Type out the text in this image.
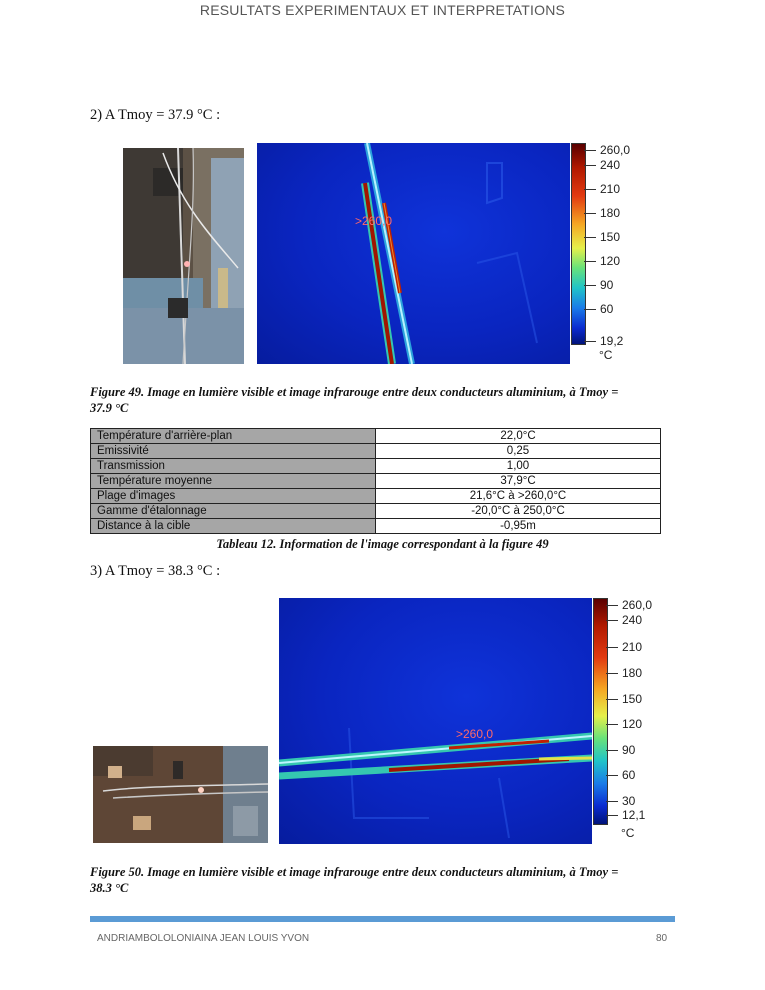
RESULTATS EXPERIMENTAUX ET INTERPRETATIONS
2) A Tmoy = 37.9 °C :
>260,0
260,0
240
210
180
150
120
90
60
19,2
°C
Figure 49. Image en lumière visible et image infrarouge entre deux conducteurs aluminium, à Tmoy =
37.9 °C
Température d'arrière-plan	22,0°C
Emissivité	0,25
Transmission	1,00
Température moyenne	37,9°C
Plage d'images	21,6°C à >260,0°C
Gamme d'étalonnage	-20,0°C à 250,0°C
Distance à la cible	-0,95m
Tableau 12. Information de l'image correspondant à la figure 49
3) A Tmoy = 38.3 °C :
>260,0
260,0
240
210
180
150
120
90
60
30
12,1
°C
Figure 50. Image en lumière visible et image infrarouge entre deux conducteurs aluminium, à Tmoy =
38.3 °C
ANDRIAMBOLOLONIAINA JEAN LOUIS YVON	80
